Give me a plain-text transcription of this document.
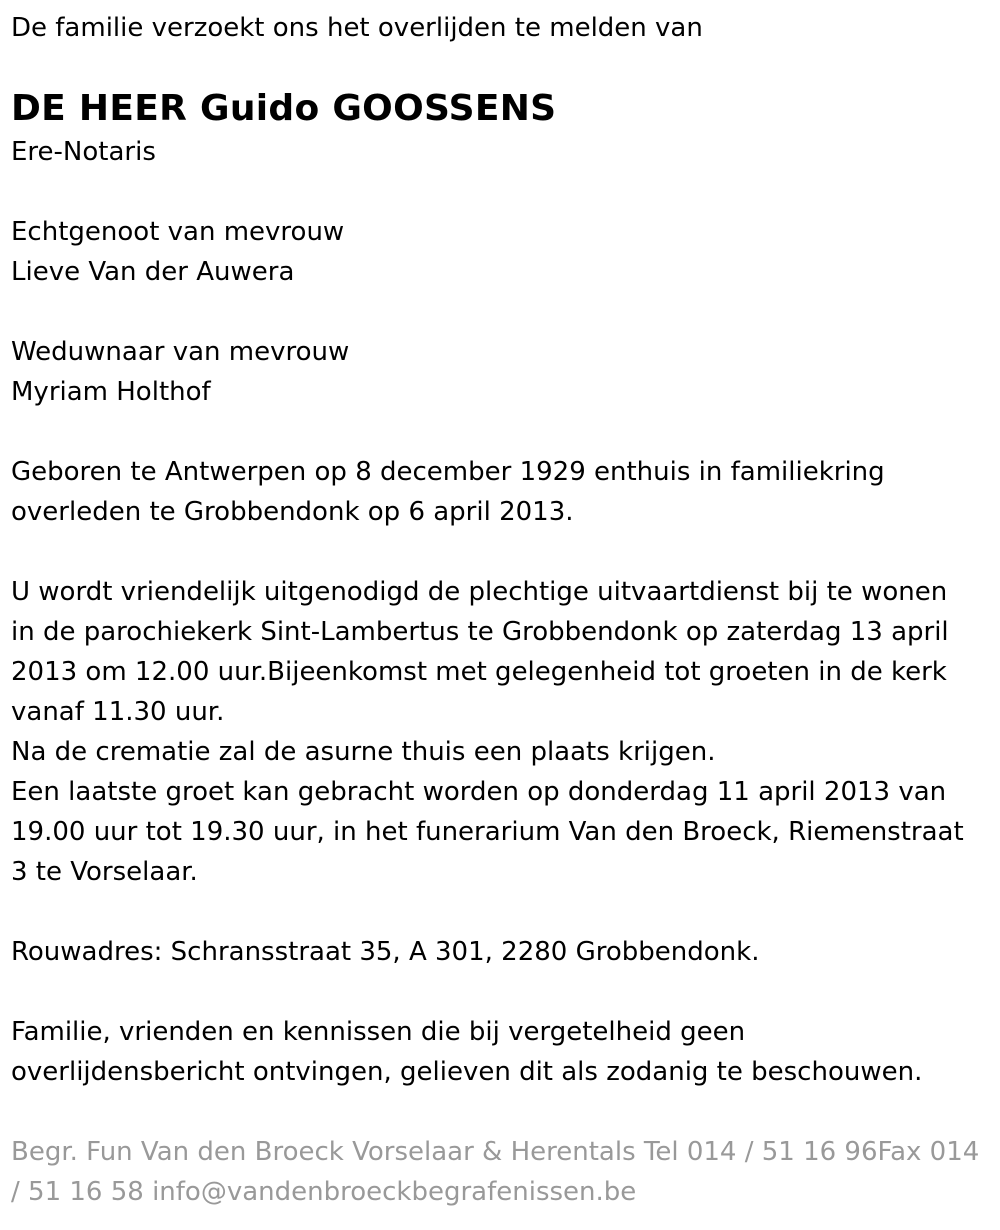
De familie verzoekt ons het overlijden te melden van

DE HEER Guido GOOSSENS

Ere-Notaris

Echtgenoot van mevrouw

Lieve Van der Auwera

Weduwnaar van mevrouw

Myriam Holthof

Geboren te Antwerpen op 8 december 1929 enthuis in familiekring

overleden te Grobbendonk op 6 april 2013.

U wordt vriendelijk uitgenodigd de plechtige uitvaartdienst bij te wonen

in de parochiekerk Sint-Lambertus te Grobbendonk op zaterdag 13 april

2013 om 12.00 uur.Bijeenkomst met gelegenheid tot groeten in de kerk

vanaf 11.30 uur.

Na de crematie zal de asurne thuis een plaats krijgen.

Een laatste groet kan gebracht worden op donderdag 11 april 2013 van

19.00 uur tot 19.30 uur, in het funerarium Van den Broeck, Riemenstraat

3 te Vorselaar.

Rouwadres: Schransstraat 35, A 301, 2280 Grobbendonk.

Familie, vrienden en kennissen die bij vergetelheid geen

overlijdensbericht ontvingen, gelieven dit als zodanig te beschouwen.

Begr. Fun Van den Broeck Vorselaar & Herentals Tel 014 / 51 16 96Fax 014

/ 51 16 58 info@vandenbroeckbegrafenissen.be
